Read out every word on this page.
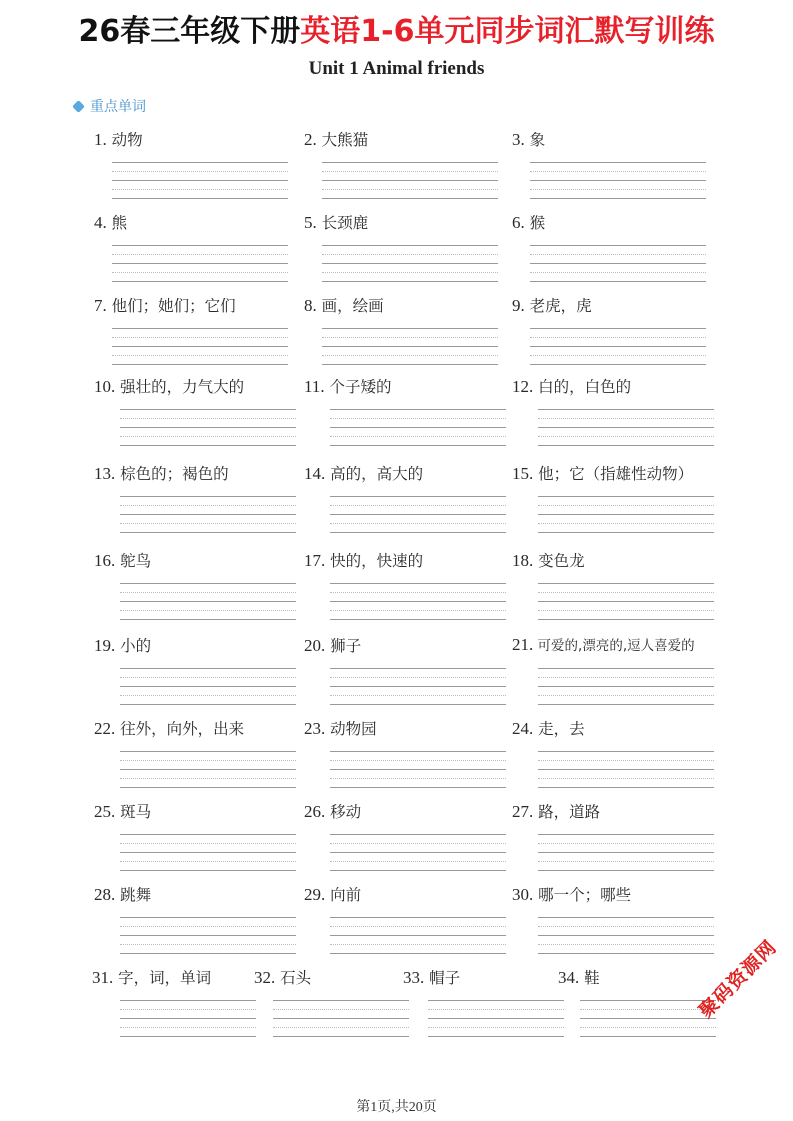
26春三年级下册英语1-6单元同步词汇默写训练
Unit 1 Animal friends
重点单词
1. 动物	2. 大熊猫	3. 象
4. 熊	5. 长颈鹿	6. 猴
7. 他们；她们；它们	8. 画，绘画	9. 老虎，虎
10. 强壮的，力气大的	11. 个子矮的	12. 白的，白色的
13. 棕色的；褐色的	14. 高的，高大的	15. 他；它（指雄性动物）
16. 鸵鸟	17. 快的，快速的	18. 变色龙
19. 小的	20. 狮子	21. 可爱的,漂亮的,逗人喜爱的
22. 往外，向外，出来	23. 动物园	24. 走，去
25. 斑马	26. 移动	27. 路，道路
28. 跳舞	29. 向前	30. 哪一个；哪些
31. 字，词，单词	32. 石头	33. 帽子	34. 鞋
第1页,共20页
聚码资源网
